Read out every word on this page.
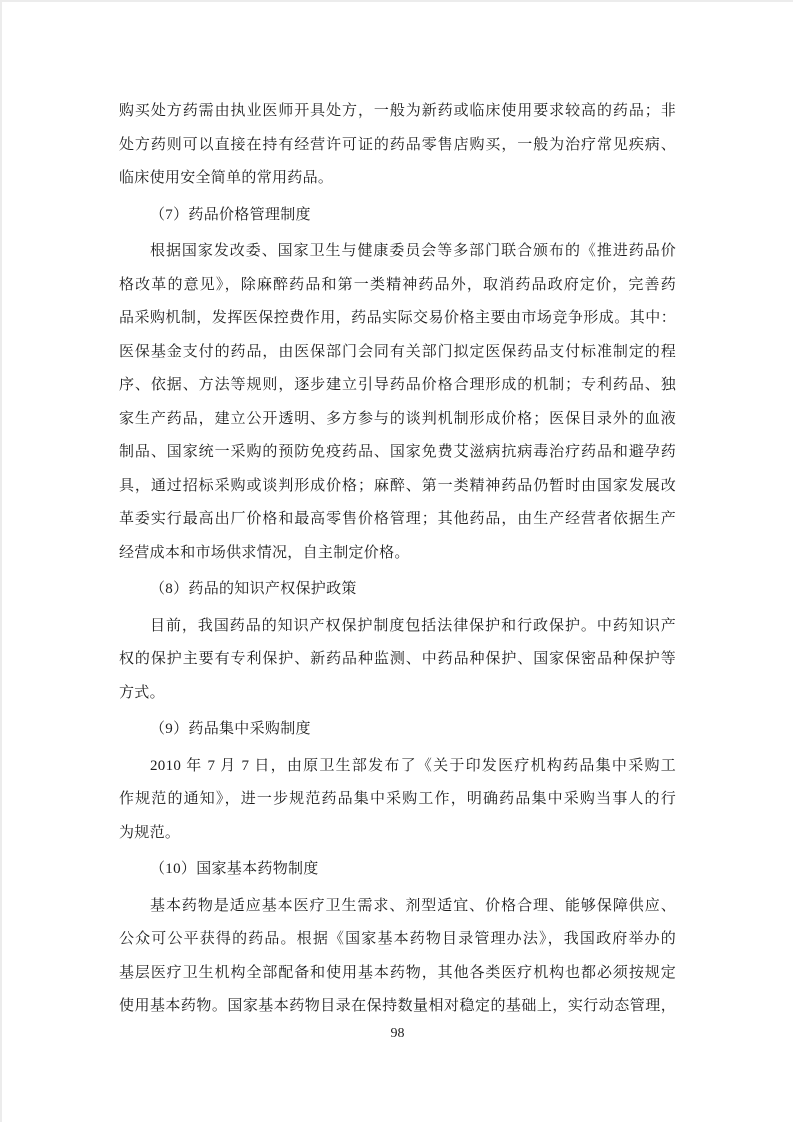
购买处方药需由执业医师开具处方，一般为新药或临床使用要求较高的药品；非
处方药则可以直接在持有经营许可证的药品零售店购买，一般为治疗常见疾病、
临床使用安全简单的常用药品。
（7）药品价格管理制度
根据国家发改委、国家卫生与健康委员会等多部门联合颁布的《推进药品价
格改革的意见》，除麻醉药品和第一类精神药品外，取消药品政府定价，完善药
品采购机制，发挥医保控费作用，药品实际交易价格主要由市场竞争形成。其中：
医保基金支付的药品，由医保部门会同有关部门拟定医保药品支付标准制定的程
序、依据、方法等规则，逐步建立引导药品价格合理形成的机制；专利药品、独
家生产药品，建立公开透明、多方参与的谈判机制形成价格；医保目录外的血液
制品、国家统一采购的预防免疫药品、国家免费艾滋病抗病毒治疗药品和避孕药
具，通过招标采购或谈判形成价格；麻醉、第一类精神药品仍暂时由国家发展改
革委实行最高出厂价格和最高零售价格管理；其他药品，由生产经营者依据生产
经营成本和市场供求情况，自主制定价格。
（8）药品的知识产权保护政策
目前，我国药品的知识产权保护制度包括法律保护和行政保护。中药知识产
权的保护主要有专利保护、新药品种监测、中药品种保护、国家保密品种保护等
方式。
（9）药品集中采购制度
2010 年 7 月 7 日，由原卫生部发布了《关于印发医疗机构药品集中采购工
作规范的通知》，进一步规范药品集中采购工作，明确药品集中采购当事人的行
为规范。
（10）国家基本药物制度
基本药物是适应基本医疗卫生需求、剂型适宜、价格合理、能够保障供应、
公众可公平获得的药品。根据《国家基本药物目录管理办法》，我国政府举办的
基层医疗卫生机构全部配备和使用基本药物，其他各类医疗机构也都必须按规定
使用基本药物。国家基本药物目录在保持数量相对稳定的基础上，实行动态管理，
98
